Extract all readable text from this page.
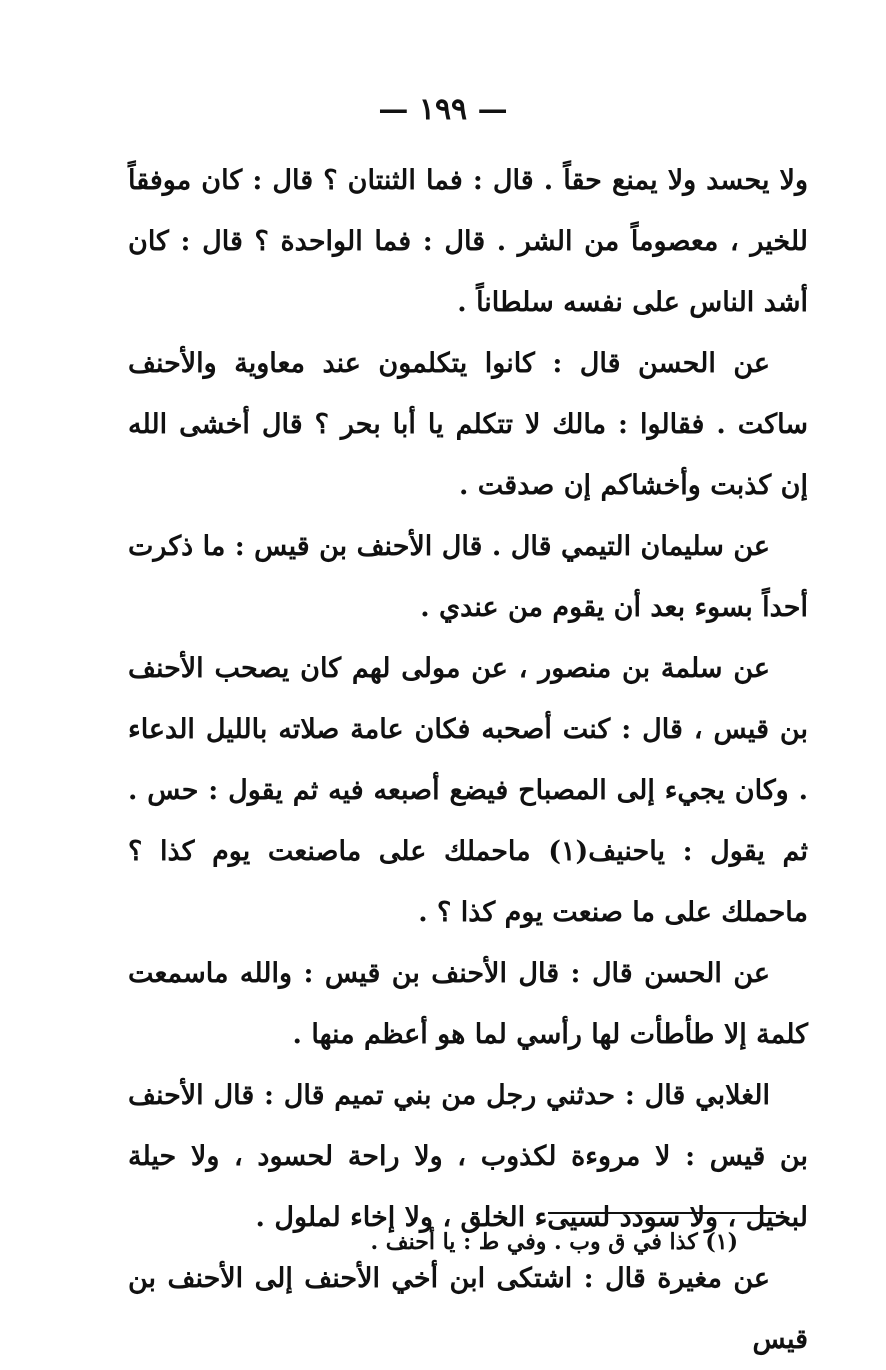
— ١٩٩ —

ولا يحسد ولا يمنع حقاً . قال : فما الثنتان ؟ قال : كان موفقاً للخير ، معصوماً من الشر . قال : فما الواحدة ؟ قال : كان أشد الناس على نفسه سلطاناً .

عن الحسن قال : كانوا يتكلمون عند معاوية والأحنف ساكت . فقالوا : مالك لا تتكلم يا أبا بحر ؟ قال أخشى الله إن كذبت وأخشاكم إن صدقت .

عن سليمان التيمي قال . قال الأحنف بن قيس : ما ذكرت أحداً بسوء بعد أن يقوم من عندي .

عن سلمة بن منصور ، عن مولى لهم كان يصحب الأحنف بن قيس ، قال : كنت أصحبه فكان عامة صلاته بالليل الدعاء . وكان يجيء إلى المصباح فيضع أصبعه فيه ثم يقول : حس . ثم يقول : ياحنيف(١) ماحملك على ماصنعت يوم كذا ؟ ماحملك على ما صنعت يوم كذا ؟ .

عن الحسن قال : قال الأحنف بن قيس : والله ماسمعت كلمة إلا طأطأت لها رأسي لما هو أعظم منها .

الغلابي قال : حدثني رجل من بني تميم قال : قال الأحنف بن قيس : لا مروءة لكذوب ، ولا راحة لحسود ، ولا حيلة لبخيل ، ولا سودد لسيىء الخلق ، ولا إخاء لملول .

عن مغيرة قال : اشتكى ابن أخي الأحنف إلى الأحنف بن قيس

(١) كذا في ق وب . وفي ط : يا أحنف .
